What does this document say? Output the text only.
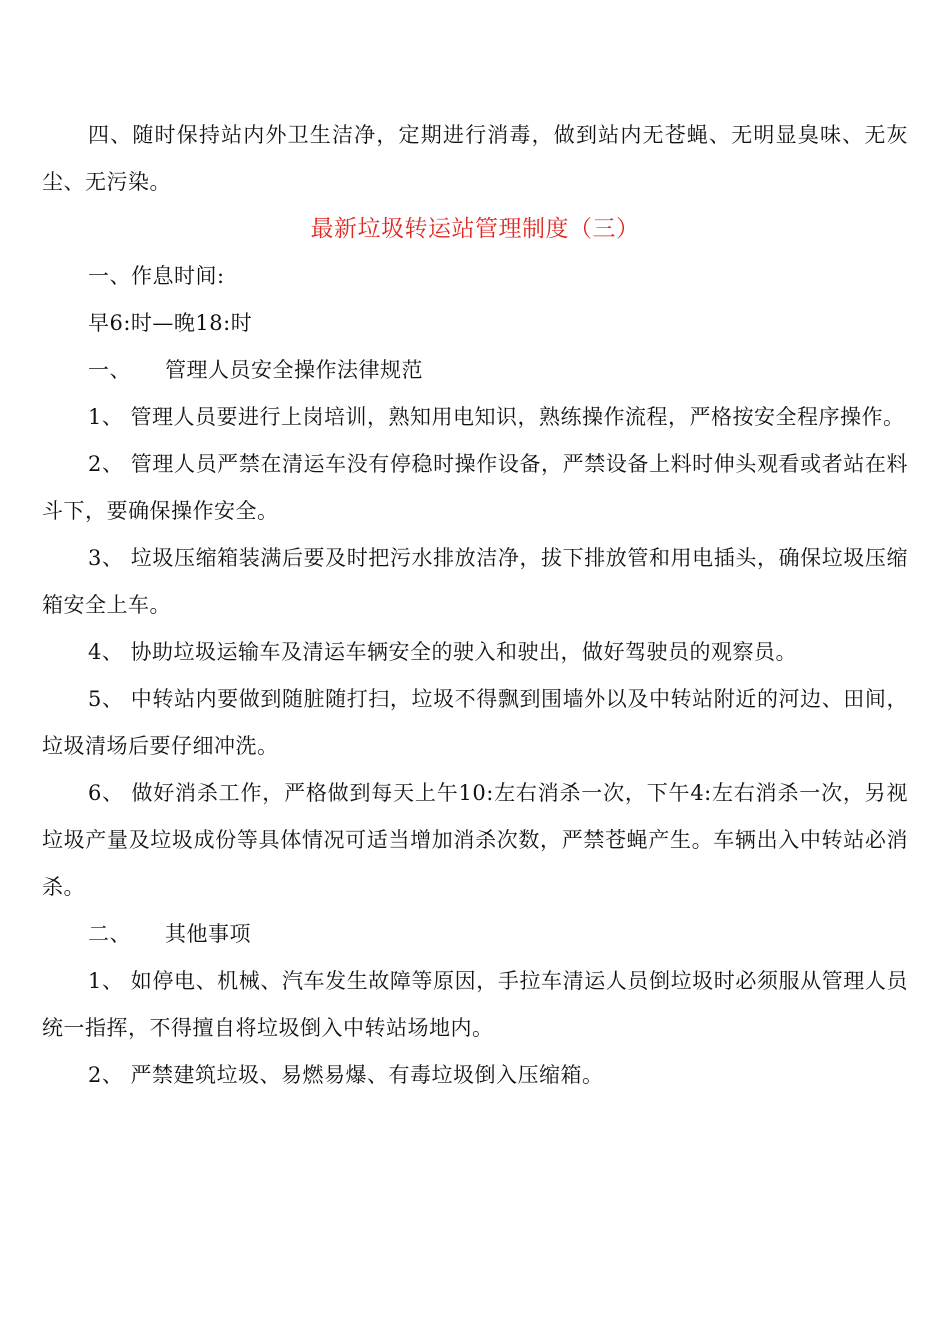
四、随时保持站内外卫生洁净，定期进行消毒，做到站内无苍蝇、无明显臭味、无灰尘、无污染。

最新垃圾转运站管理制度（三）

一、作息时间:

早6:时—晚18:时

一、 管理人员安全操作法律规范

1、 管理人员要进行上岗培训，熟知用电知识，熟练操作流程，严格按安全程序操作。

2、 管理人员严禁在清运车没有停稳时操作设备，严禁设备上料时伸头观看或者站在料斗下，要确保操作安全。

3、 垃圾压缩箱装满后要及时把污水排放洁净，拔下排放管和用电插头，确保垃圾压缩箱安全上车。

4、 协助垃圾运输车及清运车辆安全的驶入和驶出，做好驾驶员的观察员。

5、 中转站内要做到随脏随打扫，垃圾不得飘到围墙外以及中转站附近的河边、田间，垃圾清场后要仔细冲洗。

6、 做好消杀工作，严格做到每天上午10:左右消杀一次，下午4:左右消杀一次，另视垃圾产量及垃圾成份等具体情况可适当增加消杀次数，严禁苍蝇产生。车辆出入中转站必消杀。

二、 其他事项

1、 如停电、机械、汽车发生故障等原因，手拉车清运人员倒垃圾时必须服从管理人员统一指挥，不得擅自将垃圾倒入中转站场地内。

2、 严禁建筑垃圾、易燃易爆、有毒垃圾倒入压缩箱。
